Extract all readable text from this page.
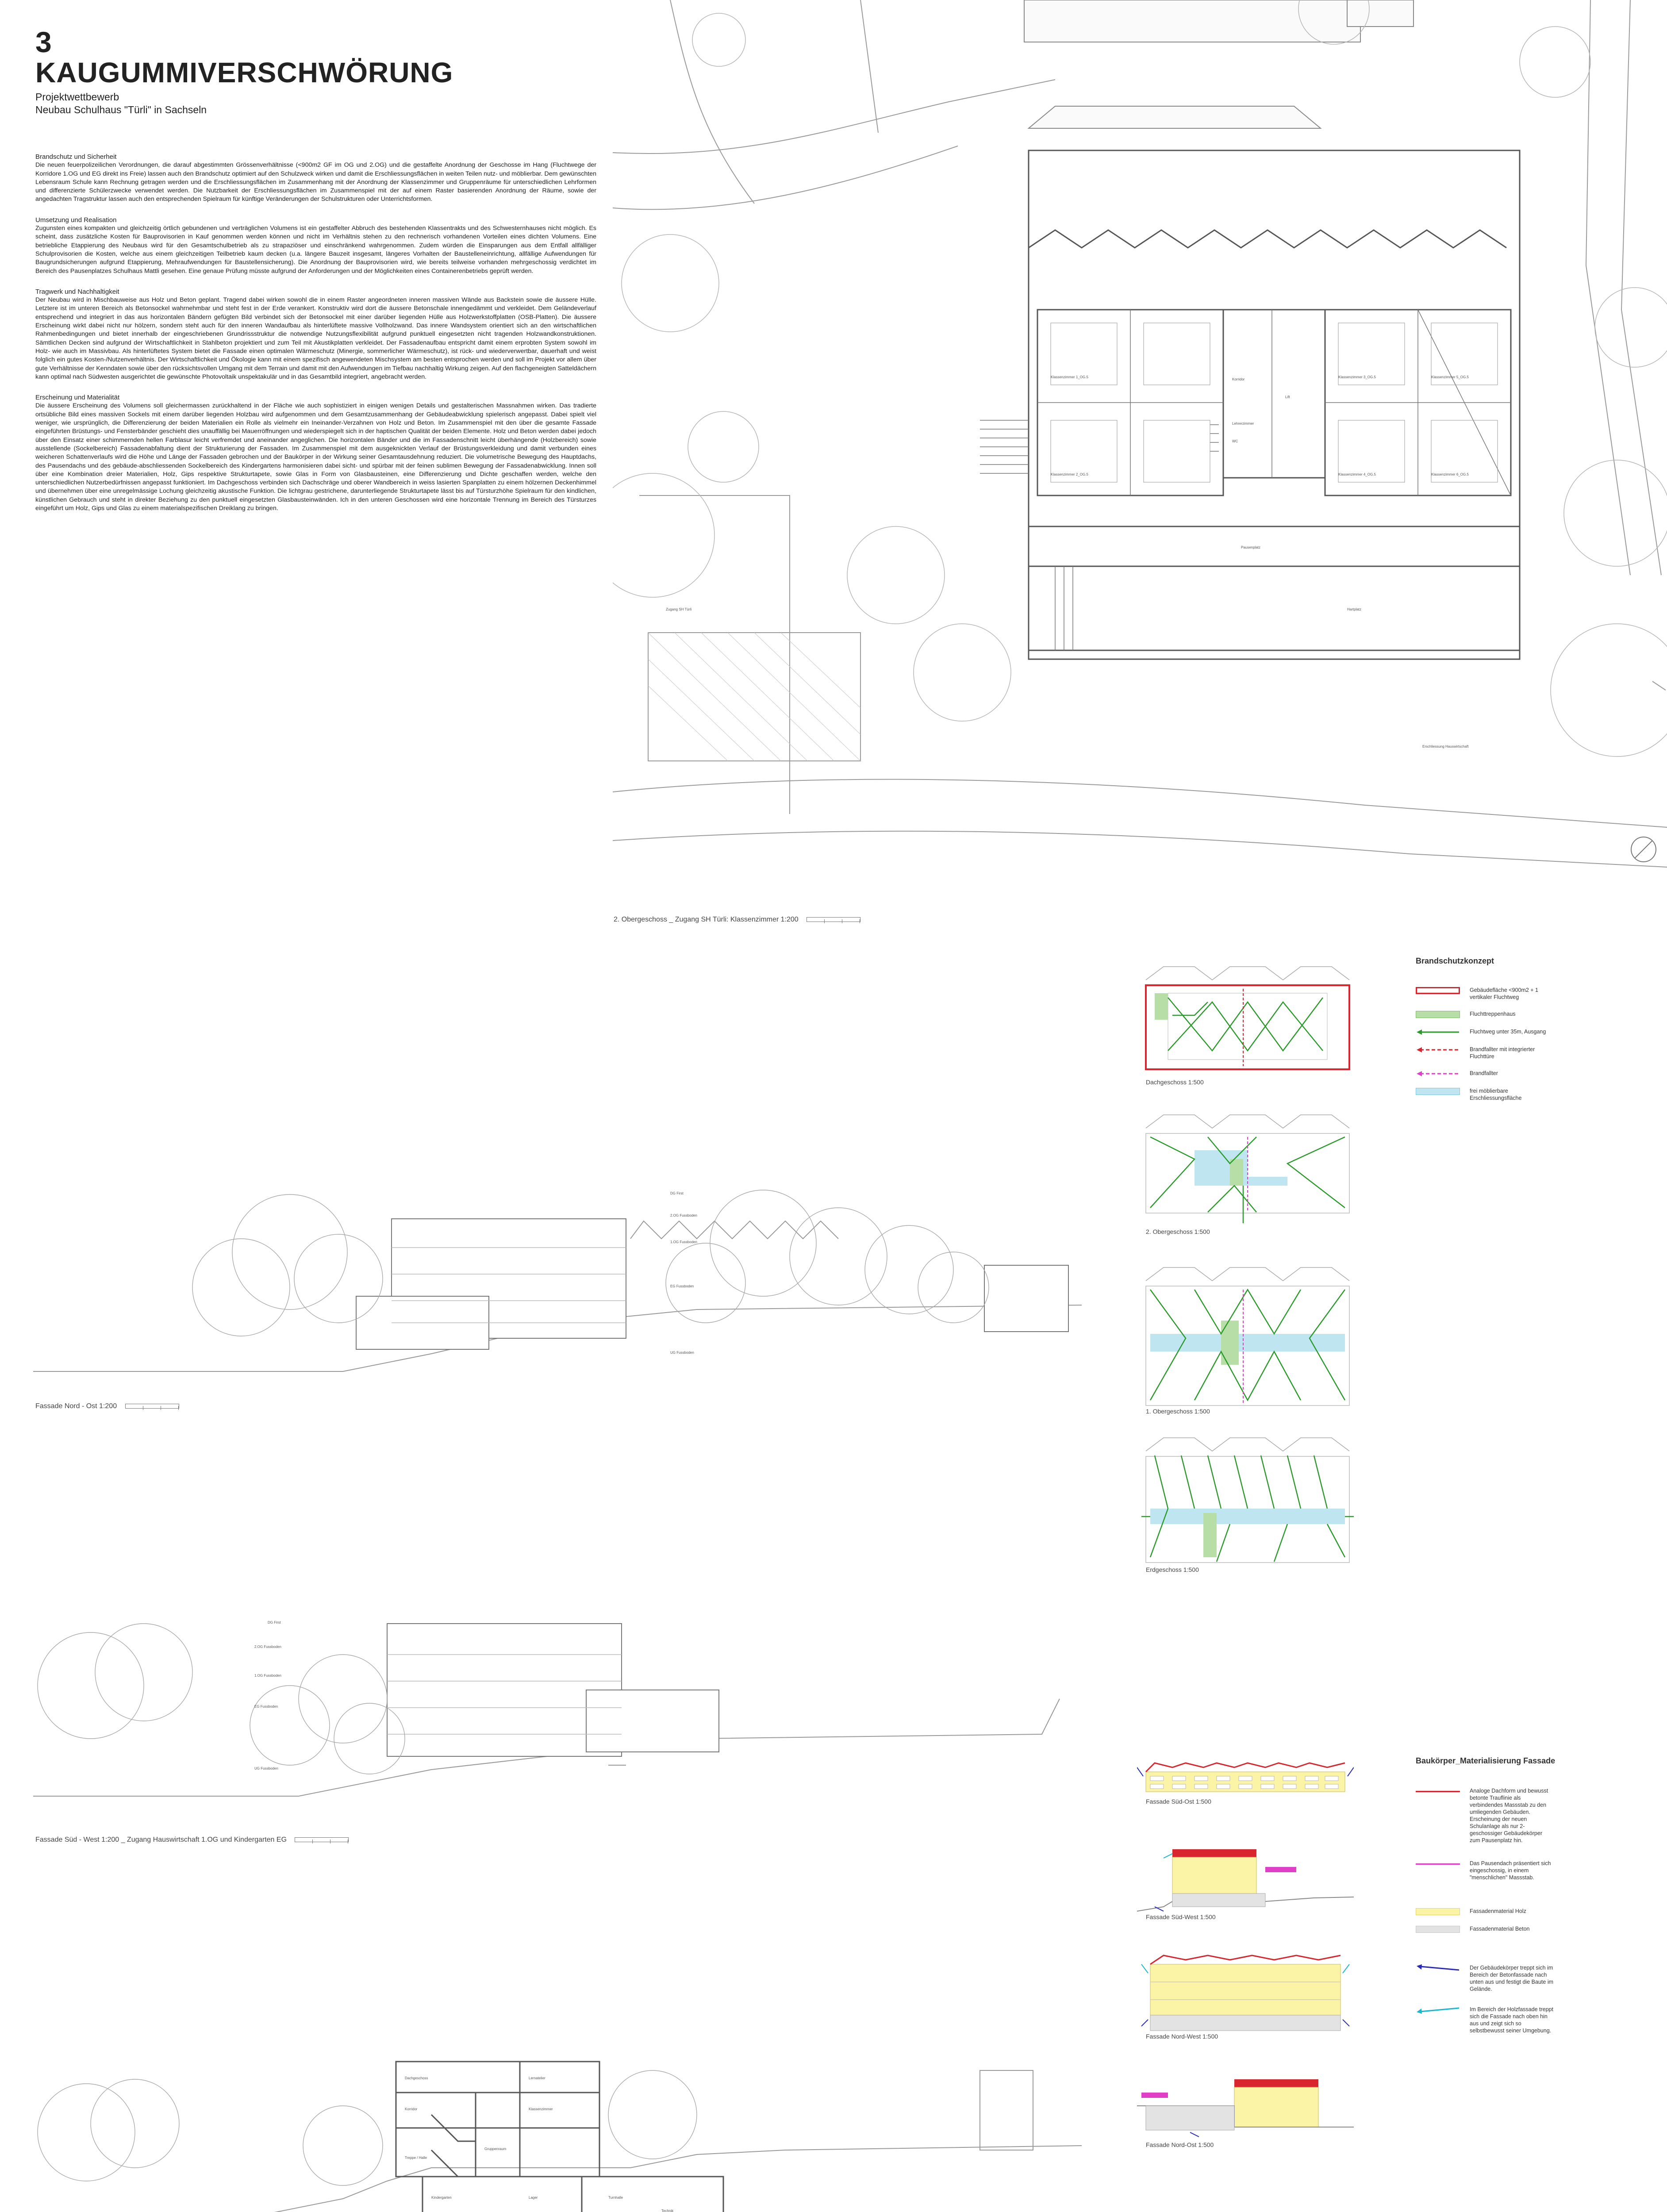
3
KAUGUMMIVERSCHWÖRUNG
Projektwettbewerb
Neubau Schulhaus "Türli" in Sachseln
Brandschutz und Sicherheit

Die neuen feuerpolizeilichen Verordnungen, die darauf abgestimmten Grössenverhältnisse (<900m2 GF im OG und 2.OG) und die gestaffelte Anordnung der Geschosse im Hang (Fluchtwege der Korridore 1.OG und EG direkt ins Freie) lassen auch den Brandschutz optimiert auf den Schulzweck wirken und damit die Erschliessungsflächen in weiten Teilen nutz- und möblierbar. Dem gewünschten Lebensraum Schule kann Rechnung getragen werden und die Erschliessungsflächen im Zusammenhang mit der Anordnung der Klassenzimmer und Gruppenräume für unterschiedlichen Lehrformen und differenzierte Schülerzwecke verwendet werden. Die Nutzbarkeit der Erschliessungsflächen im Zusammenspiel mit der auf einem Raster basierenden Anordnung der Räume, sowie der angedachten Tragstruktur lassen auch den entsprechenden Spielraum für künftige Veränderungen der Schulstrukturen oder Unterrichtsformen.

Umsetzung und Realisation

Zugunsten eines kompakten und gleichzeitig örtlich gebundenen und verträglichen Volumens ist ein gestaffelter Abbruch des bestehenden Klassentrakts und des Schwesternhauses nicht möglich. Es scheint, dass zusätzliche Kosten für Bauprovisorien in Kauf genommen werden können und nicht im Verhältnis stehen zu den rechnerisch vorhandenen Vorteilen eines dichten Volumens. Eine betriebliche Etappierung des Neubaus wird für den Gesamtschulbetrieb als zu strapaziöser und einschränkend wahrgenommen. Zudem würden die Einsparungen aus dem Entfall allfälliger Schulprovisorien die Kosten, welche aus einem gleichzeitigen Teilbetrieb kaum decken (u.a. längere Bauzeit insgesamt, längeres Vorhalten der Baustelleneinrichtung, allfällige Aufwendungen für Baugrundsicherungen aufgrund Etappierung, Mehraufwendungen für Baustellensicherung). Die Anordnung der Bauprovisorien wird, wie bereits teilweise vorhanden mehrgeschossig verdichtet im Bereich des Pausenplatzes Schulhaus Mattli gesehen. Eine genaue Prüfung müsste aufgrund der Anforderungen und der Möglichkeiten eines Containerenbetriebs geprüft werden.

Tragwerk und Nachhaltigkeit

Der Neubau wird in Mischbauweise aus Holz und Beton geplant. Tragend dabei wirken sowohl die in einem Raster angeordneten inneren massiven Wände aus Backstein sowie die äussere Hülle. Letztere ist im unteren Bereich als Betonsockel wahrnehmbar und steht fest in der Erde verankert. Konstruktiv wird dort die äussere Betonschale innengedämmt und verkleidet. Dem Geländeverlauf entsprechend und integriert in das aus horizontalen Bändern gefügten Bild verbindet sich der Betonsockel mit einer darüber liegenden Hülle aus Holzwerkstoffplatten (OSB-Platten). Die äussere Erscheinung wirkt dabei nicht nur hölzern, sondern steht auch für den inneren Wandaufbau als hinterlüftete massive Vollholzwand. Das innere Wandsystem orientiert sich an den wirtschaftlichen Rahmenbedingungen und bietet innerhalb der eingeschriebenen Grundrissstruktur die notwendige Nutzungsflexibilität aufgrund punktuell eingesetzten nicht tragenden Holzwandkonstruktionen. Sämtlichen Decken sind aufgrund der Wirtschaftlichkeit in Stahlbeton projektiert und zum Teil mit Akustikplatten verkleidet. Der Fassadenaufbau entspricht damit einem erprobten System sowohl im Holz- wie auch im Massivbau. Als hinterlüftetes System bietet die Fassade einen optimalen Wärmeschutz (Minergie, sommerlicher Wärmeschutz), ist rück- und wiederverwertbar, dauerhaft und weist folglich ein gutes Kosten-/Nutzenverhältnis. Der Wirtschaftlichkeit und Ökologie kann mit einem spezifisch angewendeten Mischsystem am besten entsprochen werden und soll im Projekt vor allem über gute Verhältnisse der Kenndaten sowie über den rücksichtsvollen Umgang mit dem Terrain und damit mit den Aufwendungen im Tiefbau nachhaltig Wirkung zeigen. Auf den flachgeneigten Satteldächern kann optimal nach Südwesten ausgerichtet die gewünschte Photovoltaik unspektakulär und in das Gesamtbild integriert, angebracht werden.

Erscheinung und Materialität

Die äussere Erscheinung des Volumens soll gleichermassen zurückhaltend in der Fläche wie auch sophistiziert in einigen wenigen Details und gestalterischen Massnahmen wirken. Das tradierte ortsübliche Bild eines massiven Sockels mit einem darüber liegenden Holzbau wird aufgenommen und dem Gesamtzusammenhang der Gebäudeabwicklung spielerisch angepasst. Dabei spielt viel weniger, wie ursprünglich, die Differenzierung der beiden Materialien ein Rolle als vielmehr ein Ineinander-Verzahnen von Holz und Beton. Im Zusammenspiel mit den über die gesamte Fassade eingeführten Brüstungs- und Fensterbänder geschieht dies unauffällig bei Mauerröffnungen und wiederspiegelt sich in der haptischen Qualität der beiden Elemente. Holz und Beton werden dabei jedoch über den Einsatz einer schimmernden hellen Farblasur leicht verfremdet und aneinander angeglichen. Die horizontalen Bänder und die im Fassadenschnitt leicht überhängende (Holzbereich) sowie ausstellende (Sockelbereich) Fassadenabfaltung dient der Strukturierung der Fassaden. Im Zusammenspiel mit dem ausgeknickten Verlauf der Brüstungsverkleidung und damit verbunden eines weicheren Schattenverlaufs wird die Höhe und Länge der Fassaden gebrochen und der Baukörper in der Wirkung seiner Gesamtausdehnung reduziert. Die volumetrische Bewegung des Hauptdachs, des Pausendachs und des gebäude-abschliessenden Sockelbereich des Kindergartens harmonisieren dabei sicht- und spürbar mit der feinen sublimen Bewegung der Fassadenabwicklung. Innen soll über eine Kombination dreier Materialien, Holz, Gips respektive Strukturtapete, sowie Glas in Form von Glasbausteinen, eine Differenzierung und Dichte geschaffen werden, welche den unterschiedlichen Nutzerbedürfnissen angepasst funktioniert. Im Dachgeschoss verbinden sich Dachschräge und oberer Wandbereich in weiss lasierten Spanplatten zu einem hölzernen Deckenhimmel und übernehmen über eine unregelmässige Lochung gleichzeitig akustische Funktion. Die lichtgrau gestrichene, darunterliegende Strukturtapete lässt bis auf Türsturzhöhe Spielraum für den kindlichen, künstlichen Gebrauch und steht in direkter Beziehung zu den punktuell eingesetzten Glasbausteinwänden. Ich in den unteren Geschossen wird eine horizontale Trennung im Bereich des Türsturzes eingeführt um Holz, Gips und Glas zu einem materialspezifischen Dreiklang zu bringen.

Klassenzimmer 1_OG.5
Klassenzimmer 2_OG.5
Klassenzimmer 3_OG.5
Klassenzimmer 4_OG.5
Klassenzimmer 5_OG.5
Klassenzimmer 6_OG.5
Korridor
Lift
Lehrerzimmer
WC
Pausenplatz
Hartplatz
Zugang SH Türli
Erschliessung Hauswirtschaft
2. Obergeschoss _ Zugang SH Türli: Klassenzimmer 1:200
DG First
2.OG Fussboden
1.OG Fussboden
EG Fussboden
UG Fussboden
Fassade Nord - Ost 1:200
DG First
2.OG Fussboden
1.OG Fussboden
EG Fussboden
UG Fussboden
Fassade Süd - West 1:200 _ Zugang Hauswirtschaft 1.OG und Kindergarten EG
Dachgeschoss	Lernatelier
Korridor	Klassenzimmer
Gruppenraum
Treppe / Halle
Kindergarten	Turnhalle
Lager
Technik
Brandschutzkonzept
Gebäudefläche <900m2 + 1 vertikaler Fluchtweg
Fluchttreppenhaus
Fluchtweg unter 35m, Ausgang
Brandfallter mit integrierter Fluchttüre
Brandfallter
frei möblierbare Erschliessungsfläche
Dachgeschoss 1:500
2. Obergeschoss 1:500
1. Obergeschoss 1:500
Erdgeschoss 1:500
Baukörper_Materialisierung Fassade
Analoge Dachform und bewusst betonte Trauflinie als verbindendes Massstab zu den umliegenden Gebäuden. Erscheinung der neuen Schulanlage als nur 2-geschossiger Gebäudekörper zum Pausenplatz hin.
Das Pausendach präsentiert sich eingeschossig, in einem "menschlichen" Massstab.
Fassadenmaterial Holz
Fassadenmaterial Beton
Der Gebäudekörper treppt sich im Bereich der Betonfassade nach unten aus und festigt die Baute im Gelände.
Im Bereich der Holzfassade treppt sich die Fassade nach oben hin aus und zeigt sich so selbstbewusst seiner Umgebung.
Fassade Süd-Ost 1:500
Fassade Süd-West 1:500
Fassade Nord-West 1:500
Fassade Nord-Ost 1:500
